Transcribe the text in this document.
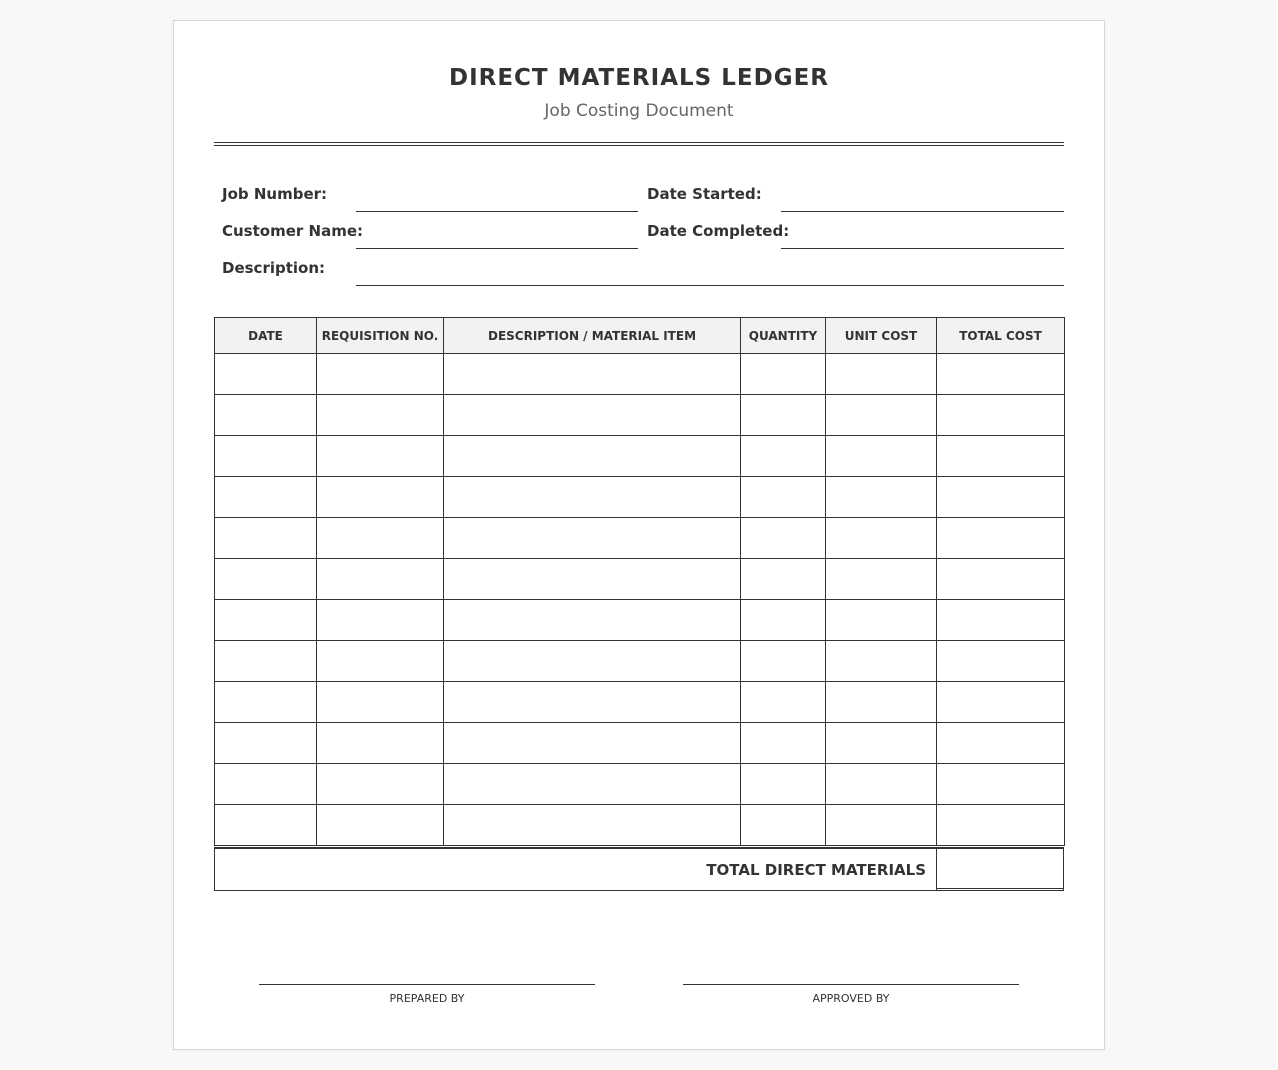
DIRECT MATERIALS LEDGER
Job Costing Document
Job Number:	Date Started:
Customer Name:	Date Completed:
Description:
DATE	REQUISITION NO.	DESCRIPTION / MATERIAL ITEM	QUANTITY	UNIT COST	TOTAL COST

TOTAL DIRECT MATERIALS
PREPARED BY	APPROVED BY
